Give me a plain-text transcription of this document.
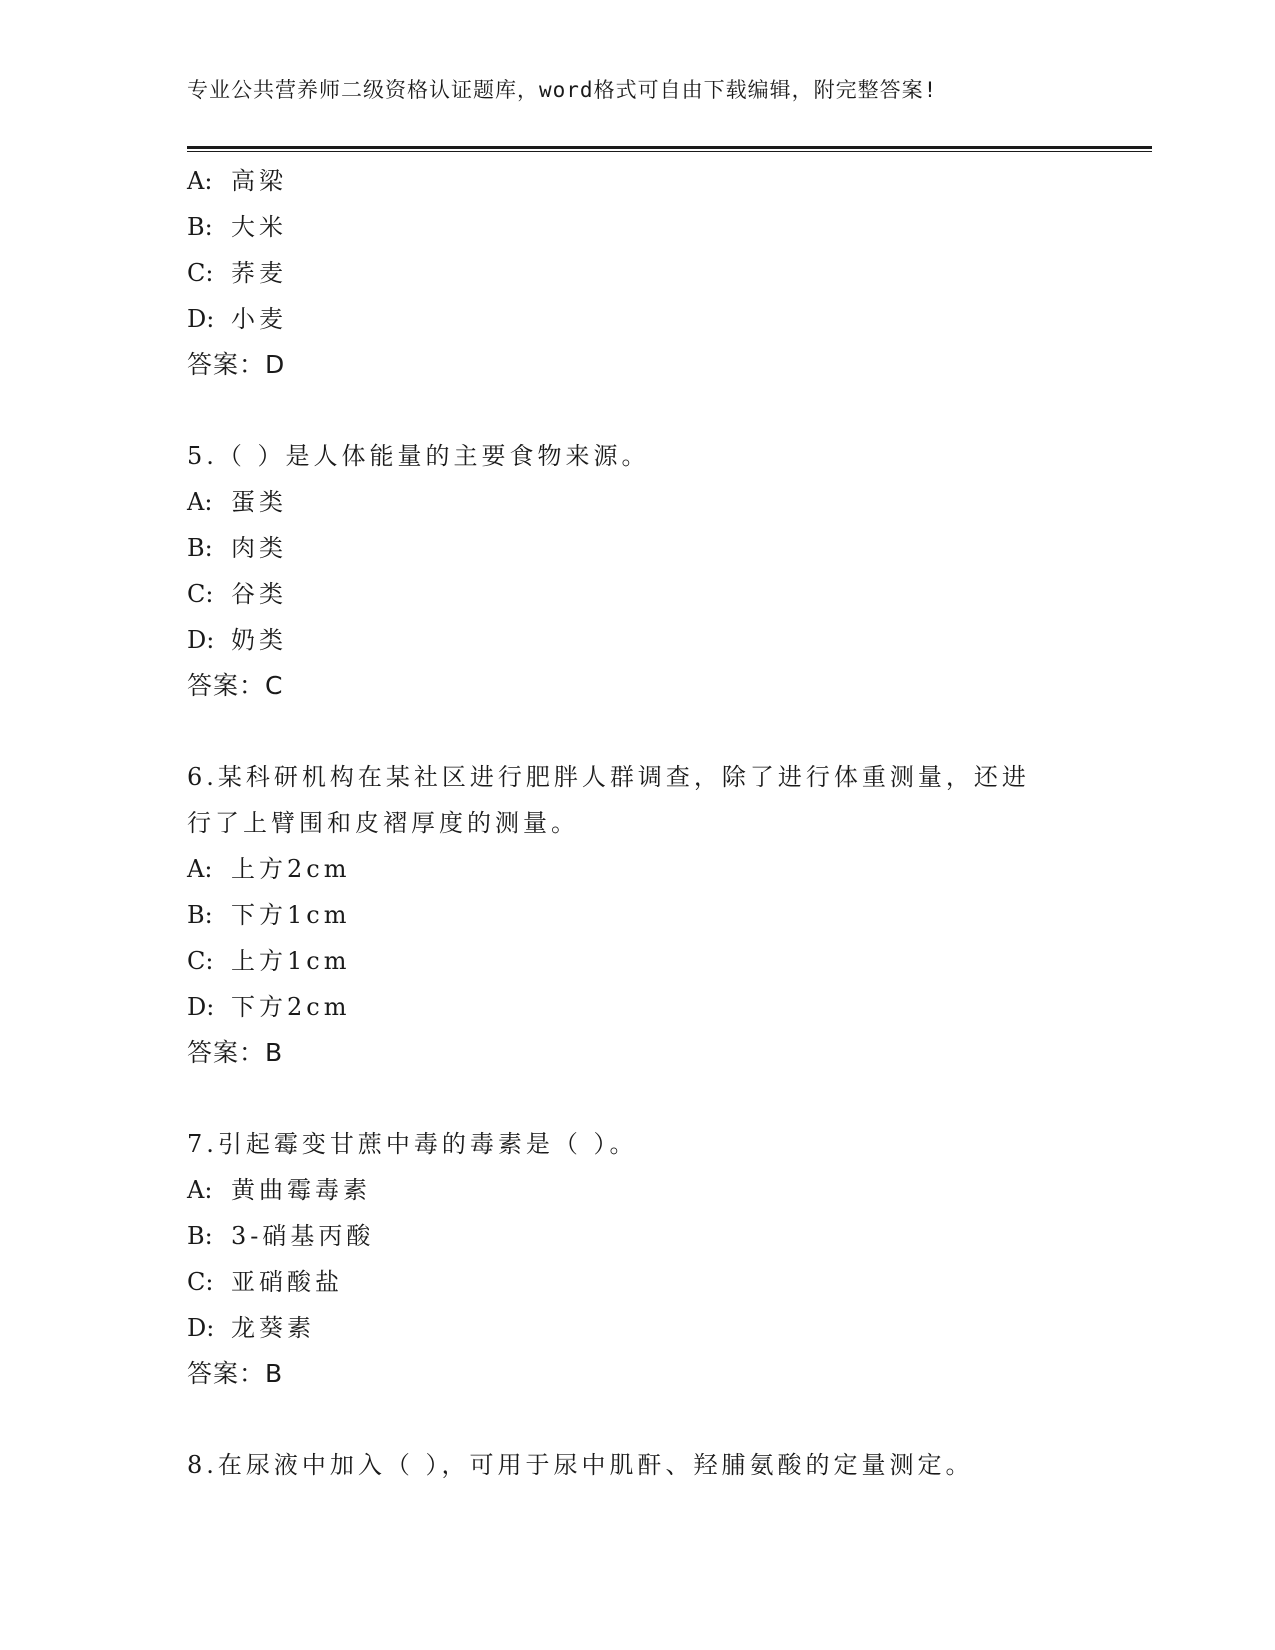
专业公共营养师二级资格认证题库，word格式可自由下载编辑，附完整答案!
A: 高梁
B: 大米
C: 荞麦
D: 小麦
答案：D
5.（ ）是人体能量的主要食物来源。
A: 蛋类
B: 肉类
C: 谷类
D: 奶类
答案：C
6.某科研机构在某社区进行肥胖人群调查，除了进行体重测量，还进
行了上臂围和皮褶厚度的测量。
A: 上方2cm
B: 下方1cm
C: 上方1cm
D: 下方2cm
答案：B
7.引起霉变甘蔗中毒的毒素是（ ）。
A: 黄曲霉毒素
B: 3-硝基丙酸
C: 亚硝酸盐
D: 龙葵素
答案：B
8.在尿液中加入（ ），可用于尿中肌酐、羟脯氨酸的定量测定。
